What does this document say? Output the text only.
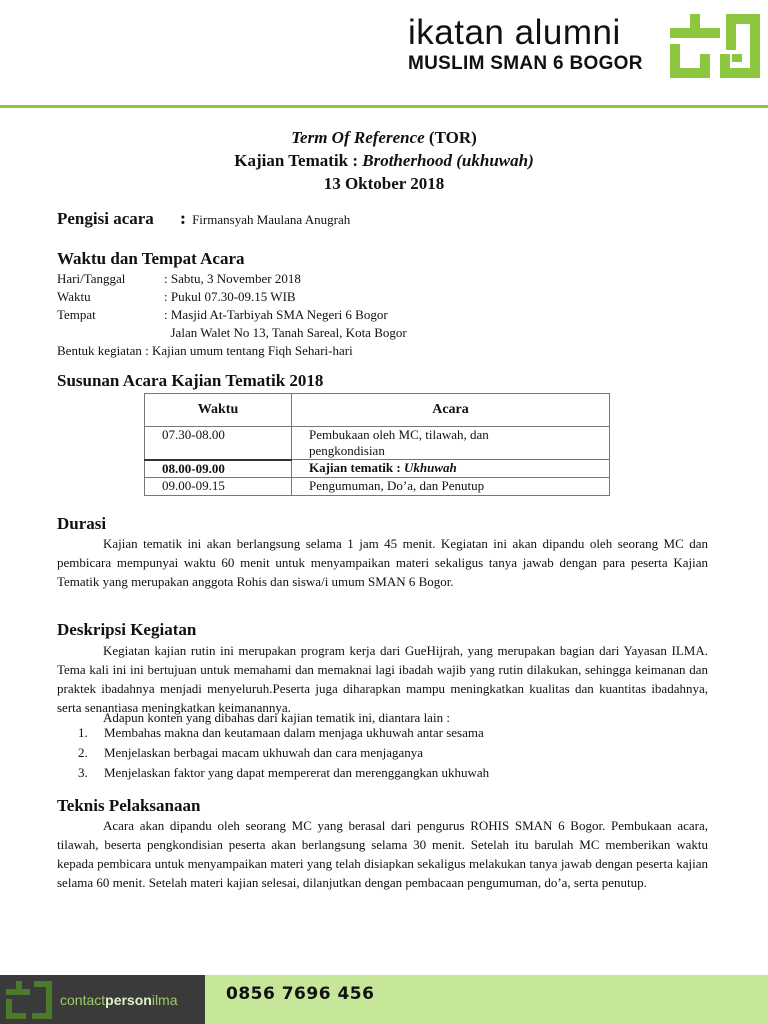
ikatan alumni
MUSLIM SMAN 6 BOGOR
Term Of Reference (TOR)
Kajian Tematik : Brotherhood (ukhuwah)
13 Oktober 2018
Pengisi acara : Firmansyah Maulana Anugrah
Waktu dan Tempat Acara
Hari/Tanggal	: Sabtu, 3 November 2018
Waktu	: Pukul 07.30-09.15 WIB
Tempat	: Masjid At-Tarbiyah SMA Negeri 6 Bogor
Jalan Walet No 13, Tanah Sareal, Kota Bogor
Bentuk kegiatan : Kajian umum tentang Fiqh Sehari-hari
Susunan Acara Kajian Tematik 2018
Waktu	Acara
07.30-08.00	Pembukaan oleh MC, tilawah, dan pengkondisian
08.00-09.00	Kajian tematik : Ukhuwah
09.00-09.15	Pengumuman, Do’a, dan Penutup
Durasi
Kajian tematik ini akan berlangsung selama 1 jam 45 menit. Kegiatan ini akan dipandu oleh seorang MC dan pembicara mempunyai waktu 60 menit untuk menyampaikan materi sekaligus tanya jawab dengan para peserta Kajian Tematik yang merupakan anggota Rohis dan siswa/i umum SMAN 6 Bogor.
Deskripsi Kegiatan
Kegiatan kajian rutin ini merupakan program kerja dari GueHijrah, yang merupakan bagian dari Yayasan ILMA. Tema kali ini ini bertujuan untuk memahami dan memaknai lagi ibadah wajib yang rutin dilakukan, sehingga keimanan dan praktek ibadahnya menjadi menyeluruh.Peserta juga diharapkan mampu meningkatkan kualitas dan kuantitas ibadahnya, serta senantiasa meningkatkan keimanannya.
Adapun konten yang dibahas dari kajian tematik ini, diantara lain :
1.	Membahas makna dan keutamaan dalam menjaga ukhuwah antar sesama
2.	Menjelaskan berbagai macam ukhuwah dan cara menjaganya
3.	Menjelaskan faktor yang dapat mempererat dan merenggangkan ukhuwah
Teknis Pelaksanaan
Acara akan dipandu oleh seorang MC yang berasal dari pengurus ROHIS SMAN 6 Bogor. Pembukaan acara, tilawah, beserta pengkondisian peserta akan berlangsung selama 30 menit. Setelah itu barulah MC memberikan waktu kepada pembicara untuk menyampaikan materi yang telah disiapkan sekaligus melakukan tanya jawab dengan peserta kajian selama 60 menit. Setelah materi kajian selesai, dilanjutkan dengan pembacaan pengumuman, do’a, serta penutup.
contactpersonilma	0856 7696 456
